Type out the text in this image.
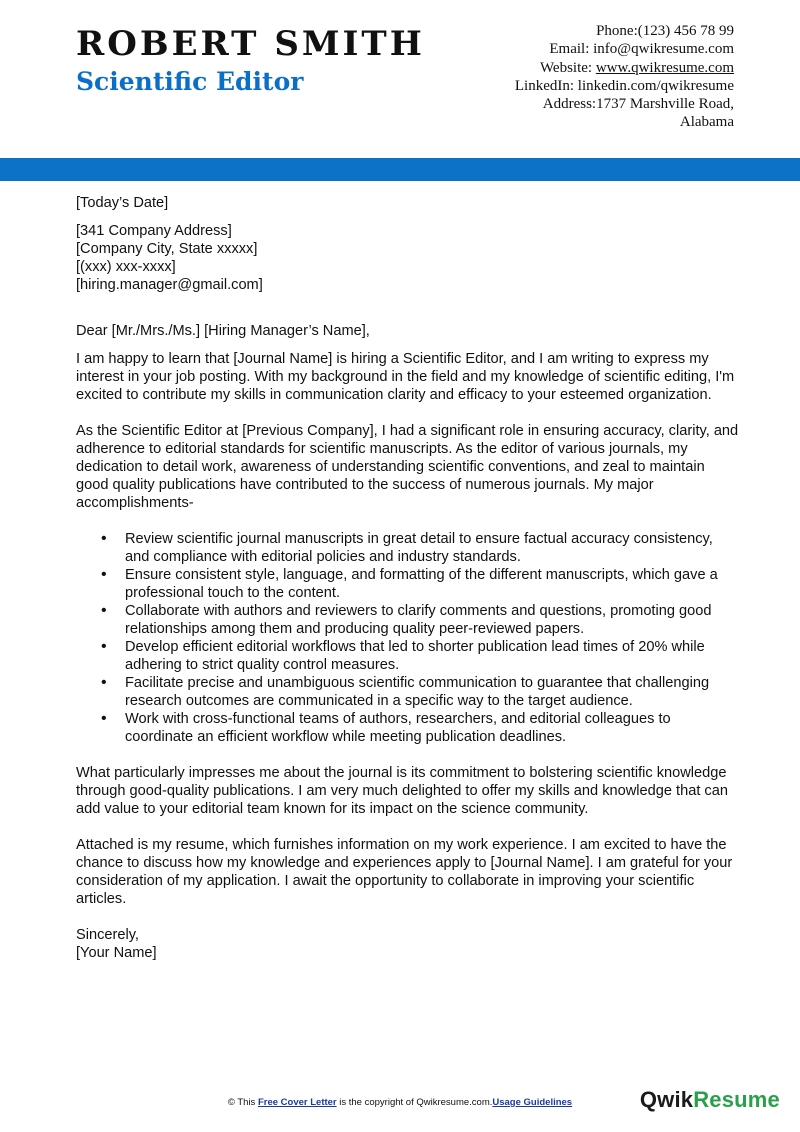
ROBERT SMITH
Scientific Editor
Phone:(123) 456 78 99
Email: info@qwikresume.com
Website: www.qwikresume.com
LinkedIn: linkedin.com/qwikresume
Address:1737 Marshville Road,
Alabama

[Today’s Date]

[341 Company Address]

[Company City, State xxxxx]

[(xxx) xxx-xxxx]

[hiring.manager@gmail.com]

Dear [Mr./Mrs./Ms.] [Hiring Manager’s Name],

I am happy to learn that [Journal Name] is hiring a Scientific Editor, and I am writing to express my interest in your job posting. With my background in the field and my knowledge of scientific editing, I'm excited to contribute my skills in communication clarity and efficacy to your esteemed organization.

As the Scientific Editor at [Previous Company], I had a significant role in ensuring accuracy, clarity, and adherence to editorial standards for scientific manuscripts. As the editor of various journals, my dedication to detail work, awareness of understanding scientific conventions, and zeal to maintain good quality publications have contributed to the success of numerous journals. My major accomplishments-

• Review scientific journal manuscripts in great detail to ensure factual accuracy consistency, and compliance with editorial policies and industry standards.
• Ensure consistent style, language, and formatting of the different manuscripts, which gave a professional touch to the content.
• Collaborate with authors and reviewers to clarify comments and questions, promoting good relationships among them and producing quality peer-reviewed papers.
• Develop efficient editorial workflows that led to shorter publication lead times of 20% while adhering to strict quality control measures.
• Facilitate precise and unambiguous scientific communication to guarantee that challenging research outcomes are communicated in a specific way to the target audience.
• Work with cross-functional teams of authors, researchers, and editorial colleagues to coordinate an efficient workflow while meeting publication deadlines.

What particularly impresses me about the journal is its commitment to bolstering scientific knowledge through good-quality publications. I am very much delighted to offer my skills and knowledge that can add value to your editorial team known for its impact on the science community.

Attached is my resume, which furnishes information on my work experience. I am excited to have the chance to discuss how my knowledge and experiences apply to [Journal Name]. I am grateful for your consideration of my application. I await the opportunity to collaborate in improving your scientific articles.

Sincerely,

[Your Name]

© This Free Cover Letter is the copyright of Qwikresume.com.Usage Guidelines	QwikResume
